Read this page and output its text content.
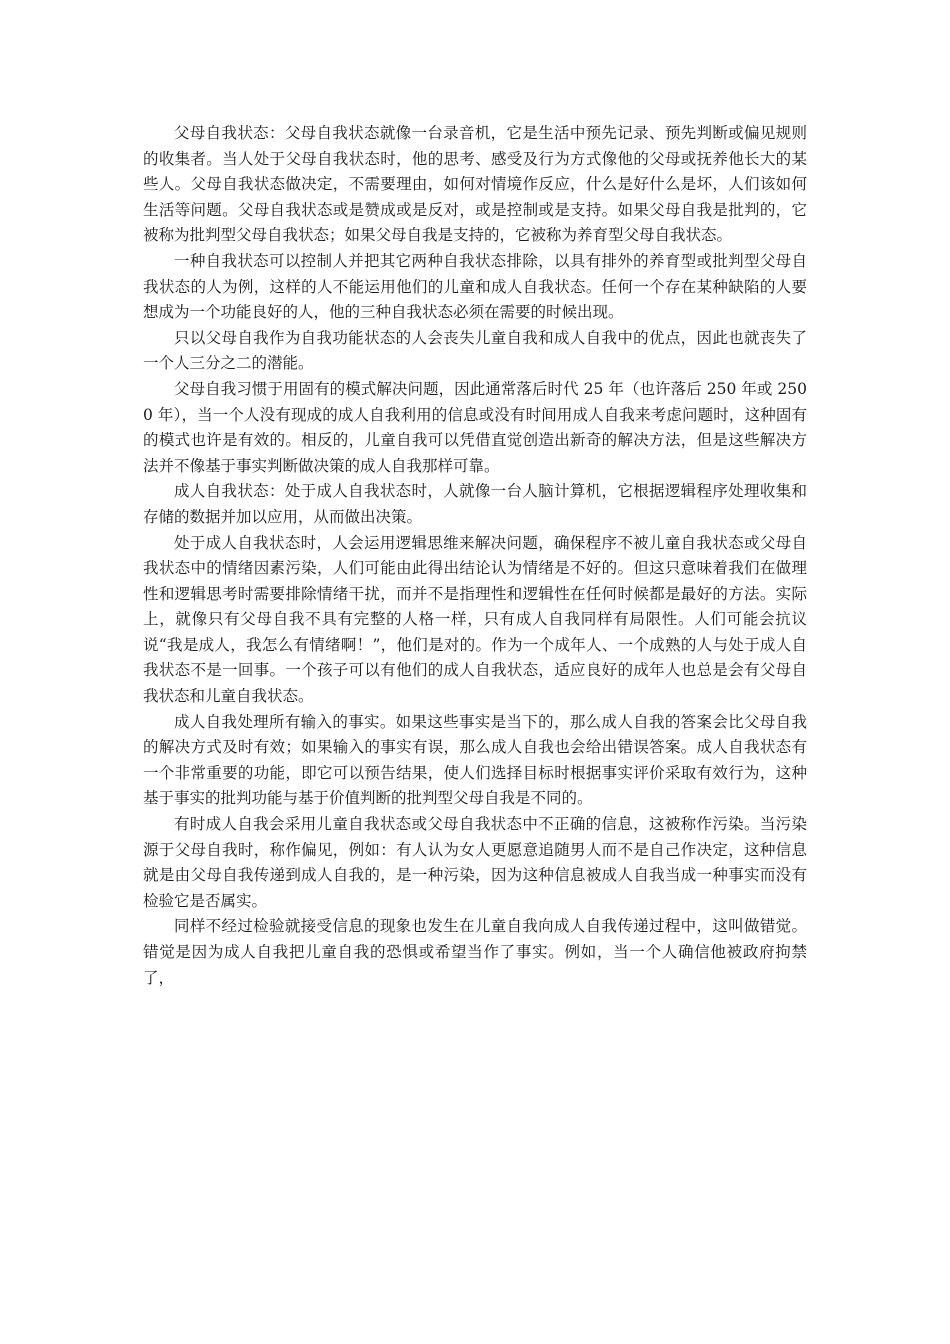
父母自我状态：父母自我状态就像一台录音机，它是生活中预先记录、预先判断或偏见规则的收集者。当人处于父母自我状态时，他的思考、感受及行为方式像他的父母或抚养他长大的某些人。父母自我状态做决定，不需要理由，如何对情境作反应，什么是好什么是坏，人们该如何生活等问题。父母自我状态或是赞成或是反对，或是控制或是支持。如果父母自我是批判的，它被称为批判型父母自我状态；如果父母自我是支持的，它被称为养育型父母自我状态。

一种自我状态可以控制人并把其它两种自我状态排除，以具有排外的养育型或批判型父母自我状态的人为例，这样的人不能运用他们的儿童和成人自我状态。任何一个存在某种缺陷的人要想成为一个功能良好的人，他的三种自我状态必须在需要的时候出现。

只以父母自我作为自我功能状态的人会丧失儿童自我和成人自我中的优点，因此也就丧失了一个人三分之二的潜能。

父母自我习惯于用固有的模式解决问题，因此通常落后时代 25 年（也许落后 250 年或 2500 年），当一个人没有现成的成人自我利用的信息或没有时间用成人自我来考虑问题时，这种固有的模式也许是有效的。相反的，儿童自我可以凭借直觉创造出新奇的解决方法，但是这些解决方法并不像基于事实判断做决策的成人自我那样可靠。

成人自我状态：处于成人自我状态时，人就像一台人脑计算机，它根据逻辑程序处理收集和存储的数据并加以应用，从而做出决策。

处于成人自我状态时，人会运用逻辑思维来解决问题，确保程序不被儿童自我状态或父母自我状态中的情绪因素污染，人们可能由此得出结论认为情绪是不好的。但这只意味着我们在做理性和逻辑思考时需要排除情绪干扰，而并不是指理性和逻辑性在任何时候都是最好的方法。实际上，就像只有父母自我不具有完整的人格一样，只有成人自我同样有局限性。人们可能会抗议说“我是成人，我怎么有情绪啊！”，他们是对的。作为一个成年人、一个成熟的人与处于成人自我状态不是一回事。一个孩子可以有他们的成人自我状态，适应良好的成年人也总是会有父母自我状态和儿童自我状态。

成人自我处理所有输入的事实。如果这些事实是当下的，那么成人自我的答案会比父母自我的解决方式及时有效；如果输入的事实有误，那么成人自我也会给出错误答案。成人自我状态有一个非常重要的功能，即它可以预告结果，使人们选择目标时根据事实评价采取有效行为，这种基于事实的批判功能与基于价值判断的批判型父母自我是不同的。

有时成人自我会采用儿童自我状态或父母自我状态中不正确的信息，这被称作污染。当污染源于父母自我时，称作偏见，例如：有人认为女人更愿意追随男人而不是自己作决定，这种信息就是由父母自我传递到成人自我的，是一种污染，因为这种信息被成人自我当成一种事实而没有检验它是否属实。

同样不经过检验就接受信息的现象也发生在儿童自我向成人自我传递过程中，这叫做错觉。错觉是因为成人自我把儿童自我的恐惧或希望当作了事实。例如，当一个人确信他被政府拘禁了，
